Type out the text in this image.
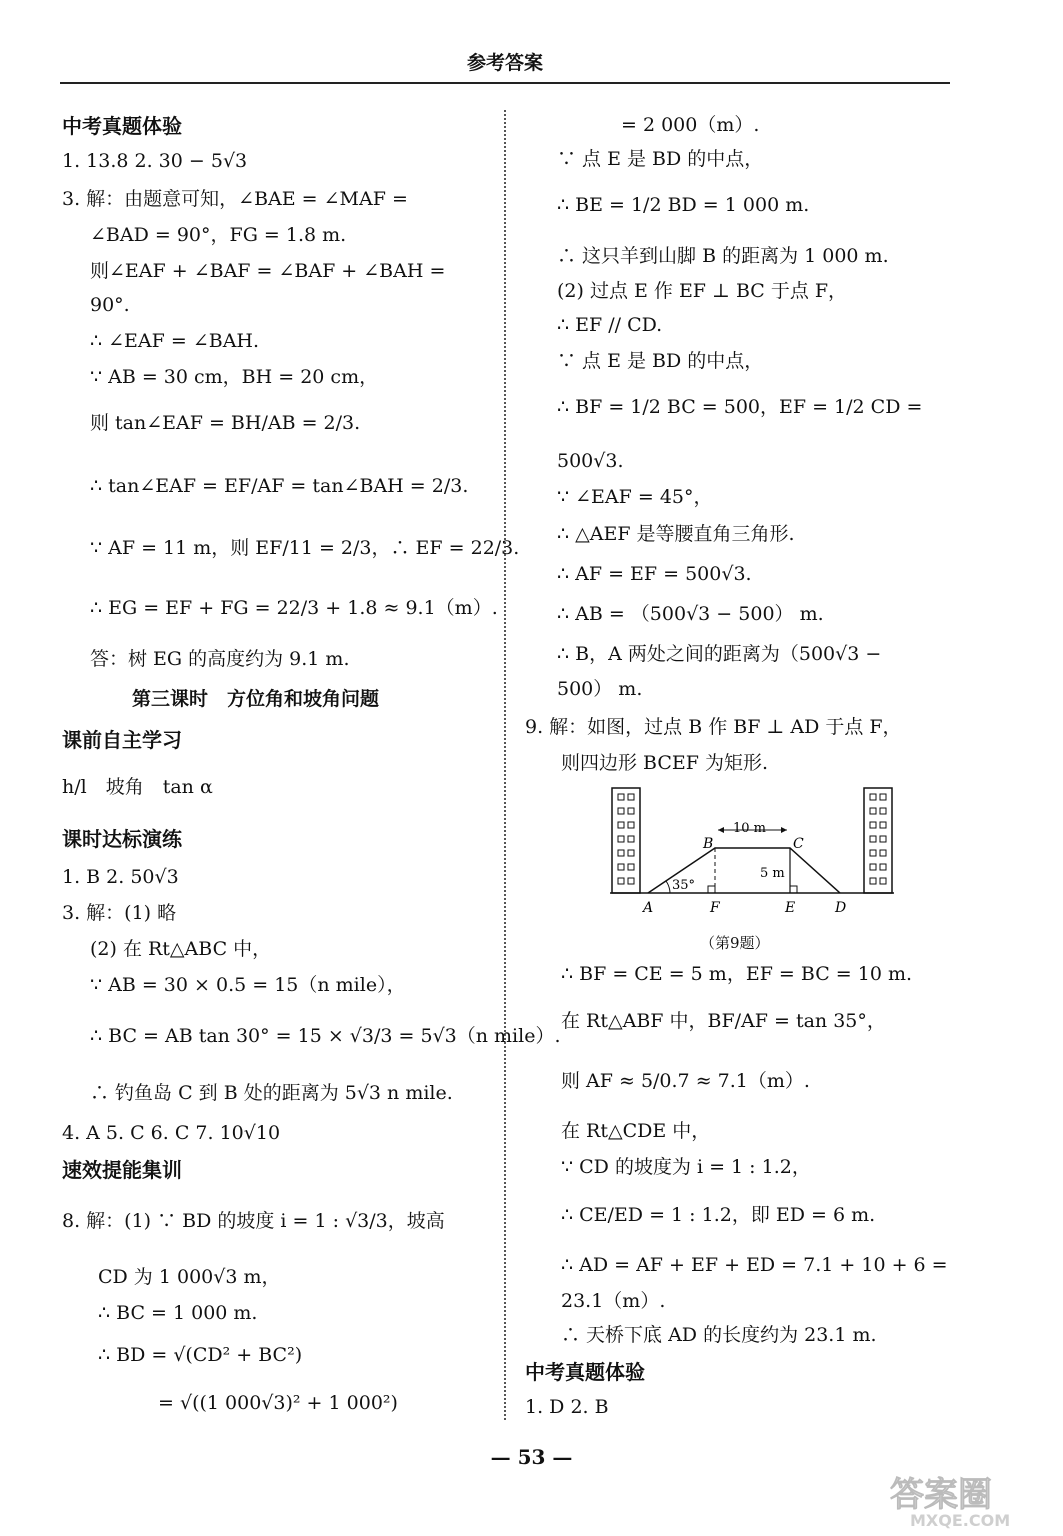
参考答案
中考真题体验
1. 13.8 2. 30 − 5√3
3. 解：由题意可知，∠BAE = ∠MAF =
∠BAD = 90°，FG = 1.8 m.
则∠EAF + ∠BAF = ∠BAF + ∠BAH =
90°.
∴ ∠EAF = ∠BAH.
∵ AB = 30 cm，BH = 20 cm，
则 tan∠EAF = BH/AB = 2/3.
∴ tan∠EAF = EF/AF = tan∠BAH = 2/3.
∵ AF = 11 m，则 EF/11 = 2/3，∴ EF = 22/3.
∴ EG = EF + FG = 22/3 + 1.8 ≈ 9.1（m）.
答：树 EG 的高度约为 9.1 m.
第三课时　方位角和坡角问题
课前自主学习
h/l　坡角　tan α
课时达标演练
1. B 2. 50√3
3. 解：(1) 略
(2) 在 Rt△ABC 中，
∵ AB = 30 × 0.5 = 15（n mile），
∴ BC = AB tan 30° = 15 × √3/3 = 5√3（n mile）.
∴ 钓鱼岛 C 到 B 处的距离为 5√3 n mile.
4. A 5. C 6. C 7. 10√10
速效提能集训
8. 解：(1) ∵ BD 的坡度 i = 1 : √3/3，坡高
CD 为 1 000√3 m，
∴ BC = 1 000 m.
∴ BD = √(CD² + BC²)
= √((1 000√3)² + 1 000²)
= 2 000（m）.
∵ 点 E 是 BD 的中点，
∴ BE = 1/2 BD = 1 000 m.
∴ 这只羊到山脚 B 的距离为 1 000 m.
(2) 过点 E 作 EF ⊥ BC 于点 F，
∴ EF // CD.
∵ 点 E 是 BD 的中点，
∴ BF = 1/2 BC = 500，EF = 1/2 CD =
500√3.
∵ ∠EAF = 45°，
∴ △AEF 是等腰直角三角形.
∴ AF = EF = 500√3.
∴ AB = （500√3 − 500） m.
∴ B，A 两处之间的距离为（500√3 −
500） m.
9. 解：如图，过点 B 作 BF ⊥ AD 于点 F，
则四边形 BCEF 为矩形.
∴ BF = CE = 5 m，EF = BC = 10 m.
在 Rt△ABF 中，BF/AF = tan 35°，
则 AF ≈ 5/0.7 ≈ 7.1（m）.
在 Rt△CDE 中，
∵ CD 的坡度为 i = 1 : 1.2，
∴ CE/ED = 1 : 1.2，即 ED = 6 m.
∴ AD = AF + EF + ED = 7.1 + 10 + 6 =
23.1（m）.
∴ 天桥下底 AD 的长度约为 23.1 m.
中考真题体验
1. D 2. B
10 m
5 m
35°
B	C
A	F	E	D
（第9题）
— 53 —
答案圈
MXQE.COM
